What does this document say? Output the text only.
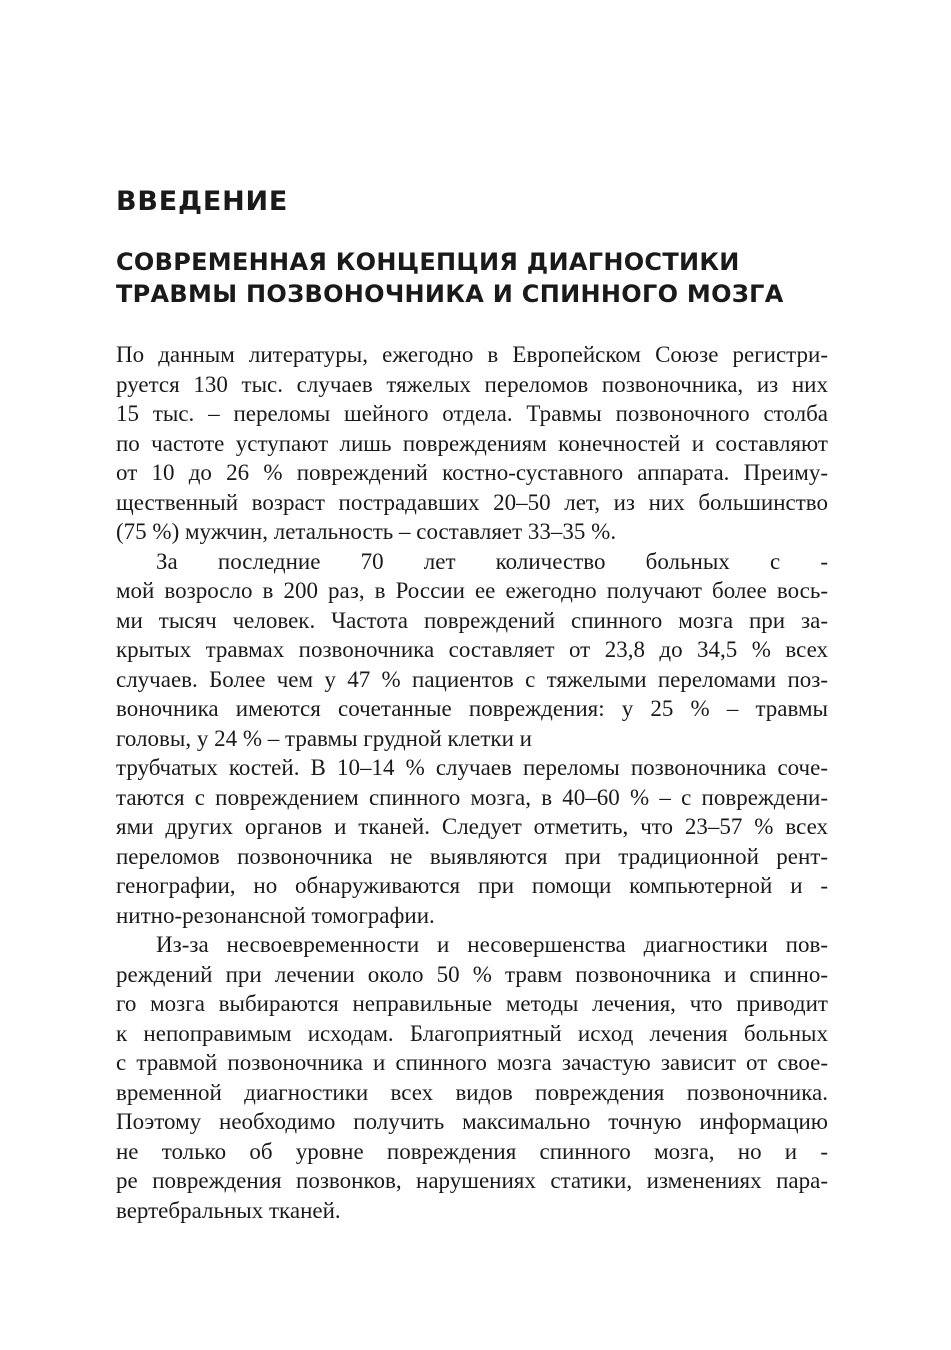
ВВЕДЕНИЕ
СОВРЕМЕННАЯ КОНЦЕПЦИЯ ДИАГНОСТИКИ
ТРАВМЫ ПОЗВОНОЧНИКА И СПИННОГО МОЗГА
По данным литературы, ежегодно в Европейском Союзе регистри-
руется 130 тыс. случаев тяжелых переломов позвоночника, из них
15 тыс. – переломы шейного отдела. Травмы позвоночного столба
по частоте уступают лишь повреждениям конечностей и составляют
от 10 до 26 % повреждений костно-суставного аппарата. Преиму-
щественный возраст пострадавших 20–50 лет, из них большинство
(75 %) мужчин, летальность – составляет 33–35 %.
За последние 70 лет количество больных с -
мой возросло в 200 раз, в России ее ежегодно получают более вось-
ми тысяч человек. Частота повреждений спинного мозга при за-
крытых травмах позвоночника составляет от 23,8 до 34,5 % всех
случаев. Более чем у 47 % пациентов с тяжелыми переломами поз-
воночника имеются сочетанные повреждения: у 25 % – травмы
головы, у 24 % – травмы грудной клетки и
трубчатых костей. В 10–14 % случаев переломы позвоночника соче-
таются с повреждением спинного мозга, в 40–60 % – с повреждени-
ями других органов и тканей. Следует отметить, что 23–57 % всех
переломов позвоночника не выявляются при традиционной рент-
генографии, но обнаруживаются при помощи компьютерной и -
нитно-резонансной томографии.
Из-за несвоевременности и несовершенства диагностики пов-
реждений при лечении около 50 % травм позвоночника и спинно-
го мозга выбираются неправильные методы лечения, что приводит
к непоправимым исходам. Благоприятный исход лечения больных
с травмой позвоночника и спинного мозга зачастую зависит от свое-
временной диагностики всех видов повреждения позвоночника.
Поэтому необходимо получить максимально точную информацию
не только об уровне повреждения спинного мозга, но и -
ре повреждения позвонков, нарушениях статики, изменениях пара-
вертебральных тканей.
